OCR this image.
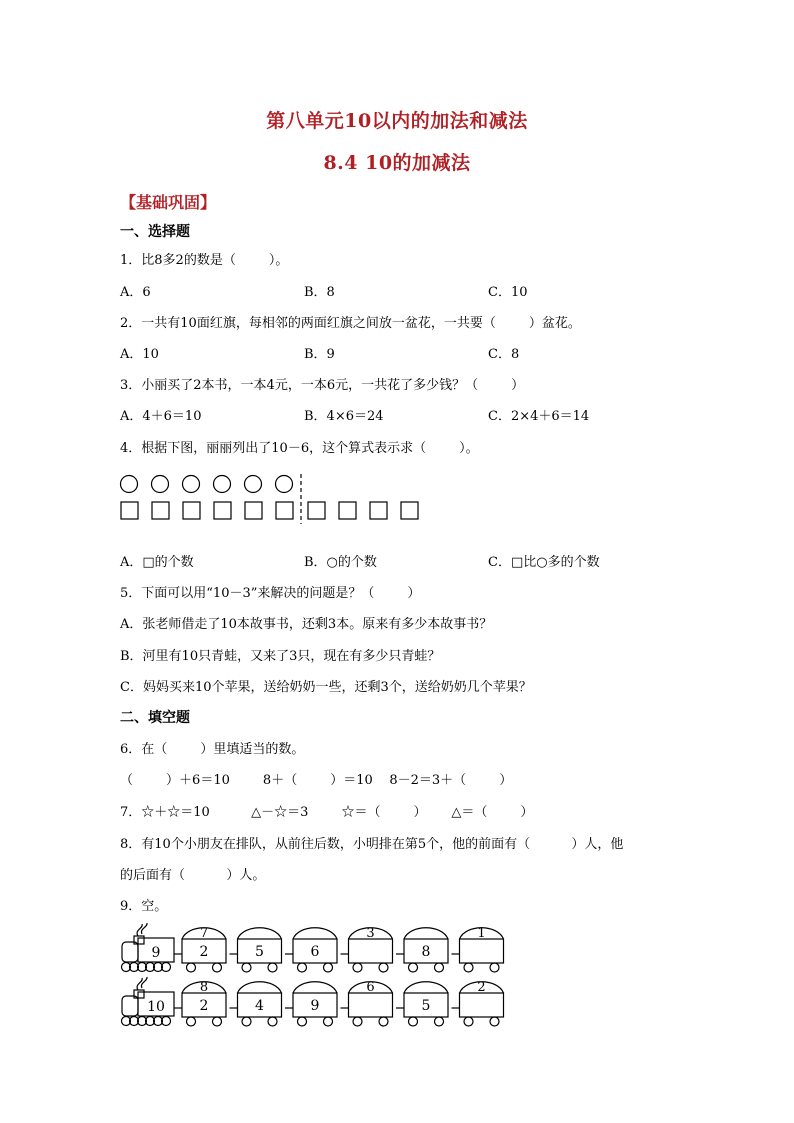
第八单元10以内的加法和减法
8.4 10的加减法
【基础巩固】
一、选择题
1．比8多2的数是（        ）。
A．6	B．8	C．10
2．一共有10面红旗，每相邻的两面红旗之间放一盆花，一共要（        ）盆花。
A．10	B．9	C．8
3．小丽买了2本书，一本4元，一本6元，一共花了多少钱？（        ）
A．4＋6＝10	B．4×6＝24	C．2×4＋6＝14
4．根据下图，丽丽列出了10－6，这个算式表示求（        ）。
A．□的个数	B．○的个数	C．□比○多的个数
5．下面可以用“10－3”来解决的问题是？（        ）
A．张老师借走了10本故事书，还剩3本。原来有多少本故事书？
B．河里有10只青蛙，又来了3只，现在有多少只青蛙？
C．妈妈买来10个苹果，送给奶奶一些，还剩3个，送给奶奶几个苹果？
二、填空题
6．在（        ）里填适当的数。
（        ）＋6＝10        8＋（        ）＝10    8－2＝3＋（        ）
7．☆＋☆＝10          △－☆＝3        ☆＝（        ）      △＝（        ）
8．有10个小朋友在排队，从前往后数，小明排在第5个，他的前面有（          ）人，他
的后面有（          ）人。
9．空。
9
7
2	5	6
3
8
1
10
8
2	4	9
6
5
2
